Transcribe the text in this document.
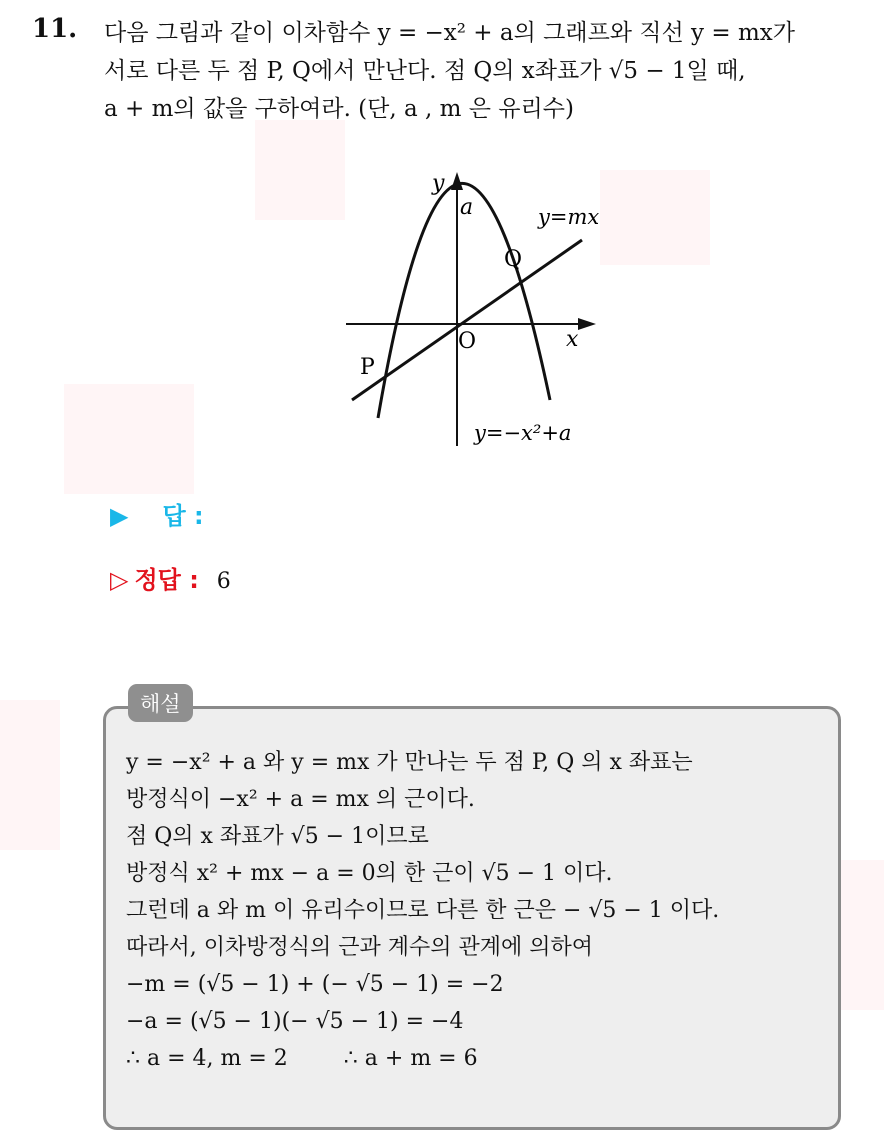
11. 다음 그림과 같이 이차함수 y = −x² + a의 그래프와 직선 y = mx가
서로 다른 두 점 P, Q에서 만난다. 점 Q의 x좌표가 √5 − 1일 때,
a + m의 값을 구하여라. (단, a , m 은 유리수)
y
x
O
a	y=mx
Q
P
y=−x²+a
▶ 답 :
▷ 정답 : 6
해설
y = −x² + a 와 y = mx 가 만나는 두 점 P, Q 의 x 좌표는
방정식이 −x² + a = mx 의 근이다.
점 Q의 x 좌표가 √5 − 1이므로
방정식 x² + mx − a = 0의 한 근이 √5 − 1 이다.
그런데 a 와 m 이 유리수이므로 다른 한 근은 − √5 − 1 이다.
따라서, 이차방정식의 근과 계수의 관계에 의하여
−m = (√5 − 1) + (− √5 − 1) = −2
−a = (√5 − 1)(− √5 − 1) = −4
∴ a = 4, m = 2	∴ a + m = 6
